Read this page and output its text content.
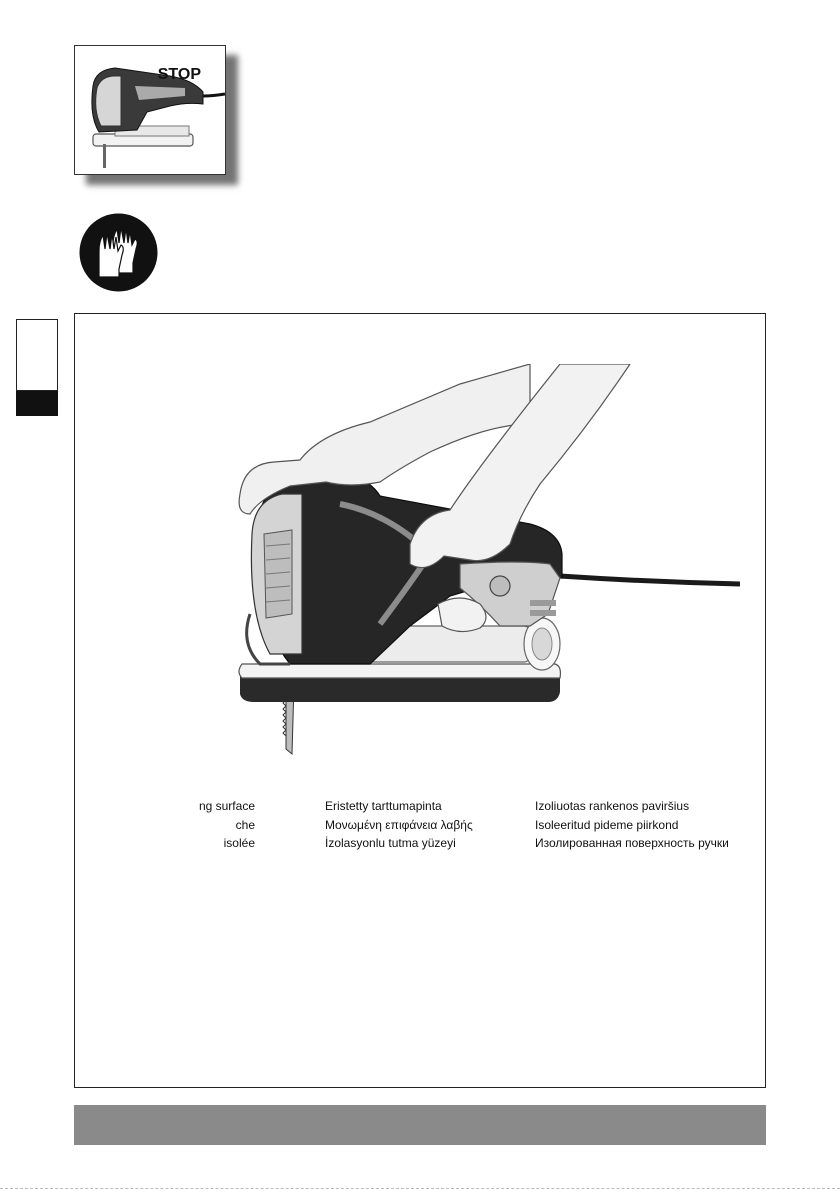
STOP
ng surface
che
isolée
Eristetty tarttumapinta
Μονωμένη επιφάνεια λαβής
İzolasyonlu tutma yüzeyi
Izoliuotas rankenos paviršius
Isoleeritud pideme piirkond
Изолированная поверхность ручки
